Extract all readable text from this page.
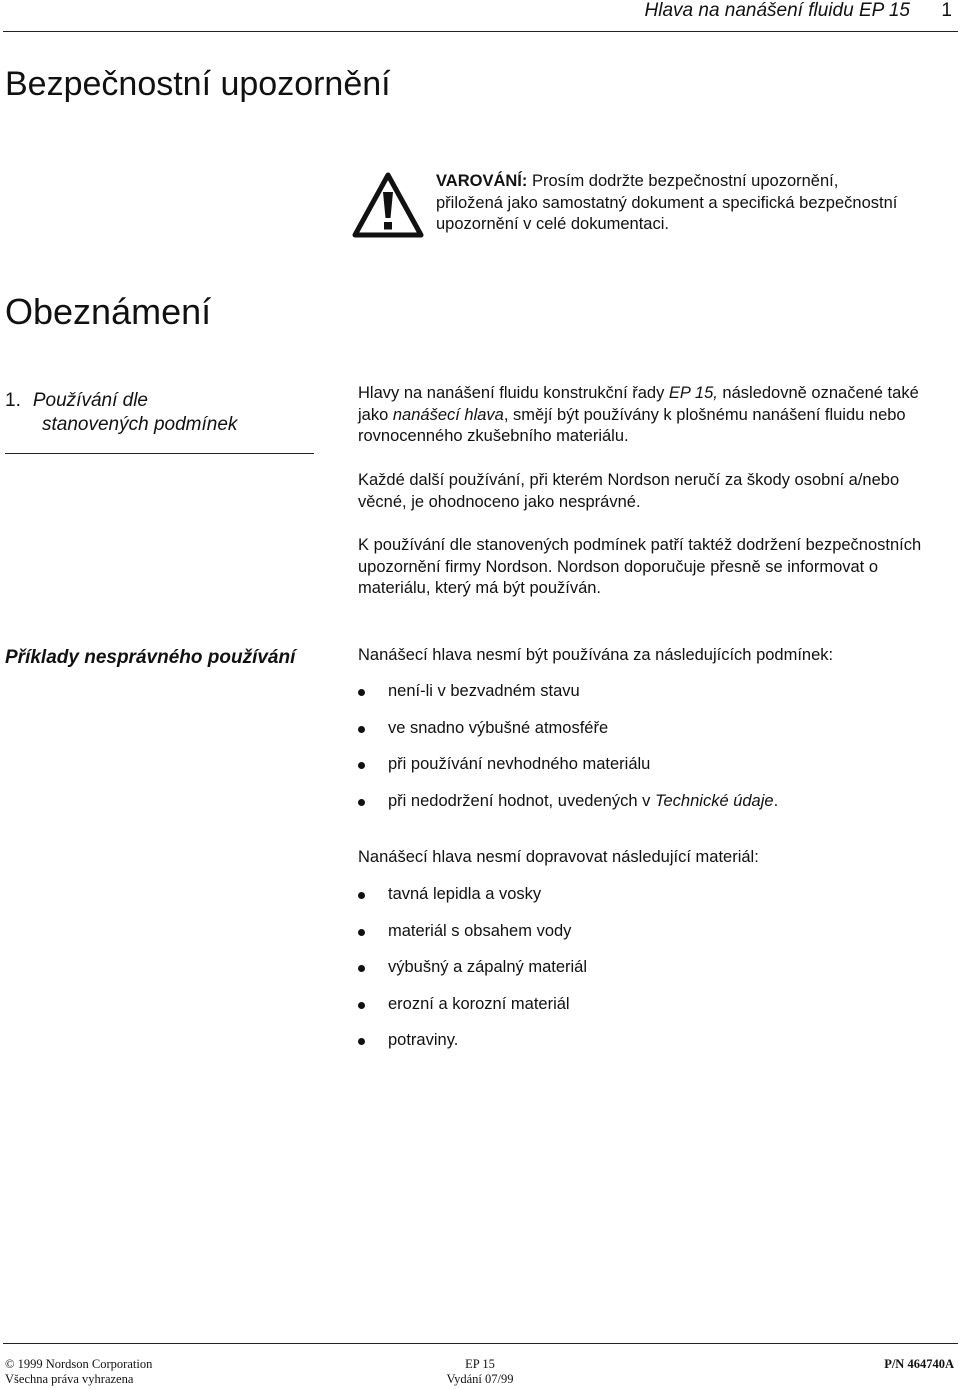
Hlava na nanášení fluidu EP 15 1
Bezpečnostní upozornění
VAROVÁNÍ: Prosím dodržte bezpečnostní upozornění, přiložená jako samostatný dokument a specifická bezpečnostní upozornění v celé dokumentaci.
Obeznámení
1. Používání dle
stanovených podmínek

Hlavy na nanášení fluidu konstrukční řady EP 15, následovně označené také jako nanášecí hlava, smějí být používány k plošnému nanášení fluidu nebo rovnocenného zkušebního materiálu.

Každé další používání, při kterém Nordson neručí za škody osobní a/nebo věcné, je ohodnoceno jako nesprávné.

K používání dle stanovených podmínek patří taktéž dodržení bezpečnostních upozornění firmy Nordson. Nordson doporučuje přesně se informovat o materiálu, který má být používán.

Příklady nesprávného používání	Nanášecí hlava nesmí být používána za následujících podmínek:

není-li v bezvadném stavu
ve snadno výbušné atmosféře
při používání nevhodného materiálu
při nedodržení hodnot, uvedených v Technické údaje.

Nanášecí hlava nesmí dopravovat následující materiál:

tavná lepidla a vosky
materiál s obsahem vody
výbušný a zápalný materiál
erozní a korozní materiál
potraviny.
© 1999 Nordson Corporation
Všechna práva vyhrazena
EP 15
Vydání 07/99
P/N 464740A
